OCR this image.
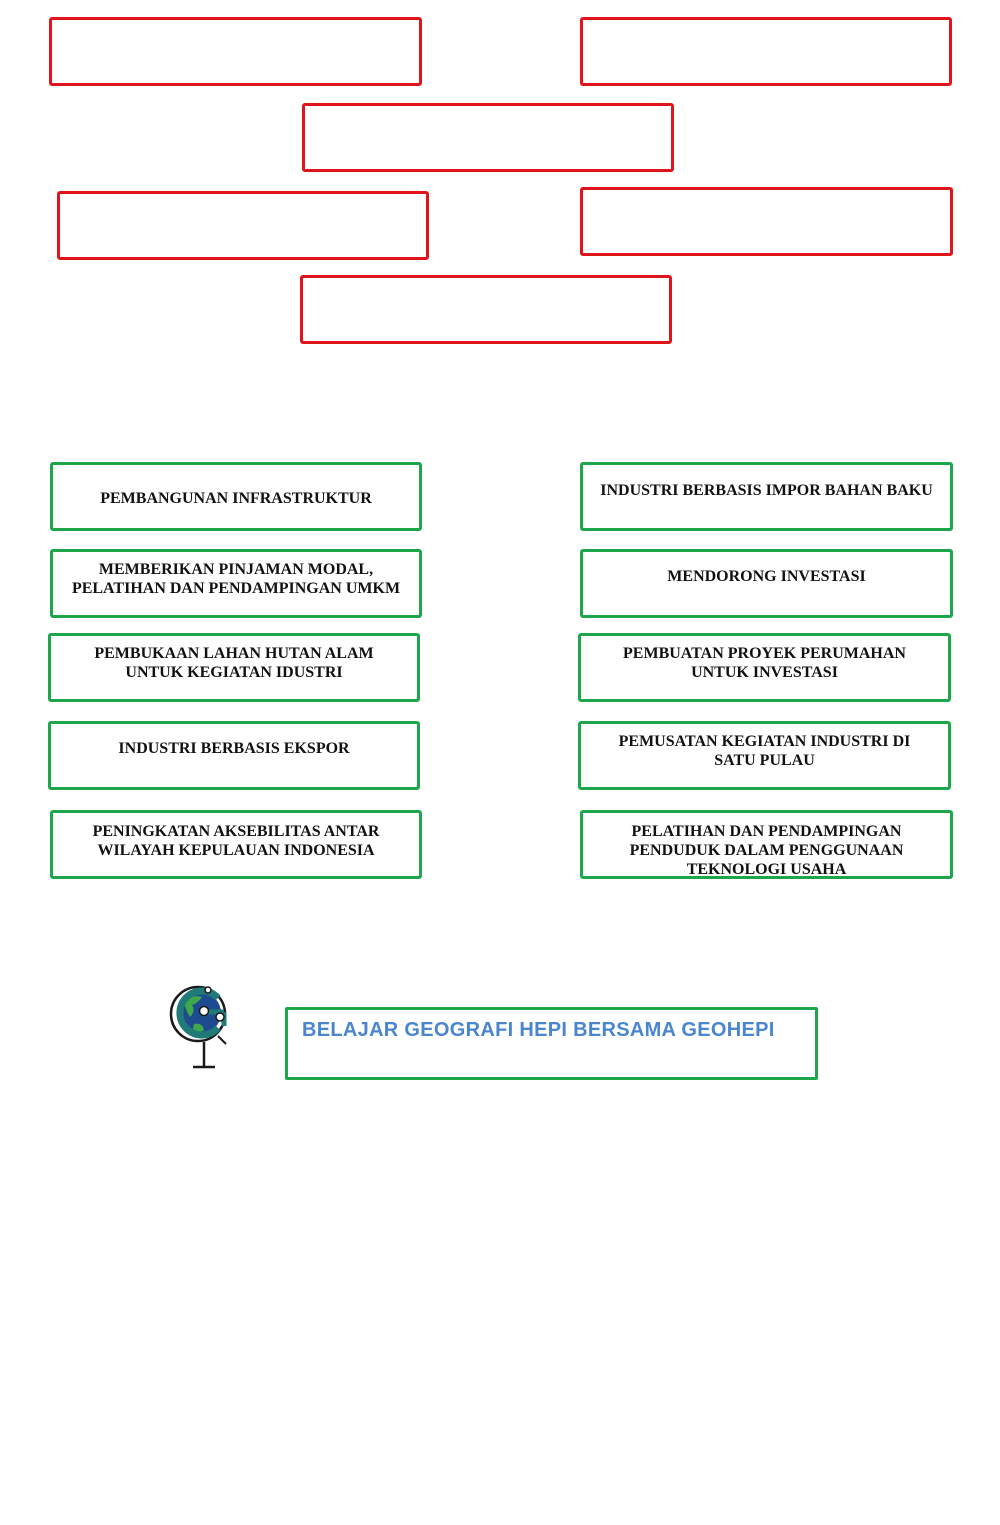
PEMBANGUNAN INFRASTRUKTUR	INDUSTRI BERBASIS IMPOR BAHAN BAKU
MEMBERIKAN PINJAMAN MODAL, PELATIHAN DAN PENDAMPINGAN UMKM
MENDORONG INVESTASI
PEMBUKAAN LAHAN HUTAN ALAM UNTUK KEGIATAN IDUSTRI
PEMBUATAN PROYEK PERUMAHAN UNTUK INVESTASI
INDUSTRI BERBASIS EKSPOR	PEMUSATAN KEGIATAN INDUSTRI DI SATU PULAU
PENINGKATAN AKSEBILITAS ANTAR WILAYAH KEPULAUAN INDONESIA
PELATIHAN DAN PENDAMPINGAN PENDUDUK DALAM PENGGUNAAN TEKNOLOGI USAHA
BELAJAR GEOGRAFI HEPI BERSAMA GEOHEPI
